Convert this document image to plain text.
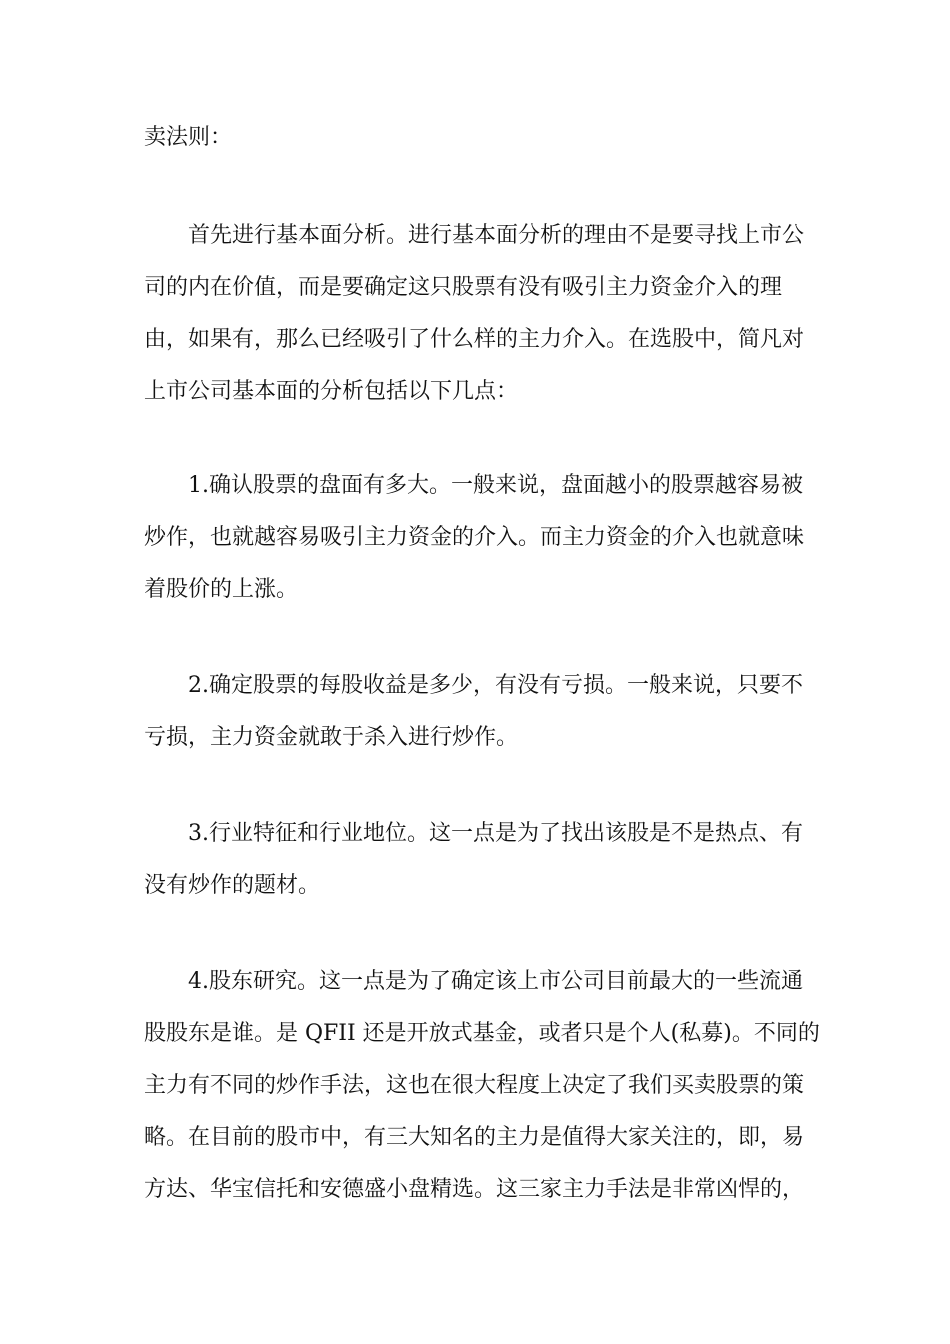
卖法则：

首先进行基本面分析。进行基本面分析的理由不是要寻找上市公
司的内在价值，而是要确定这只股票有没有吸引主力资金介入的理
由，如果有，那么已经吸引了什么样的主力介入。在选股中，简凡对
上市公司基本面的分析包括以下几点：

1.确认股票的盘面有多大。一般来说，盘面越小的股票越容易被
炒作，也就越容易吸引主力资金的介入。而主力资金的介入也就意味
着股价的上涨。

2.确定股票的每股收益是多少，有没有亏损。一般来说，只要不
亏损，主力资金就敢于杀入进行炒作。

3.行业特征和行业地位。这一点是为了找出该股是不是热点、有
没有炒作的题材。

4.股东研究。这一点是为了确定该上市公司目前最大的一些流通
股股东是谁。是 QFII 还是开放式基金，或者只是个人(私募)。不同的
主力有不同的炒作手法，这也在很大程度上决定了我们买卖股票的策
略。在目前的股市中，有三大知名的主力是值得大家关注的，即，易
方达、华宝信托和安德盛小盘精选。这三家主力手法是非常凶悍的，
